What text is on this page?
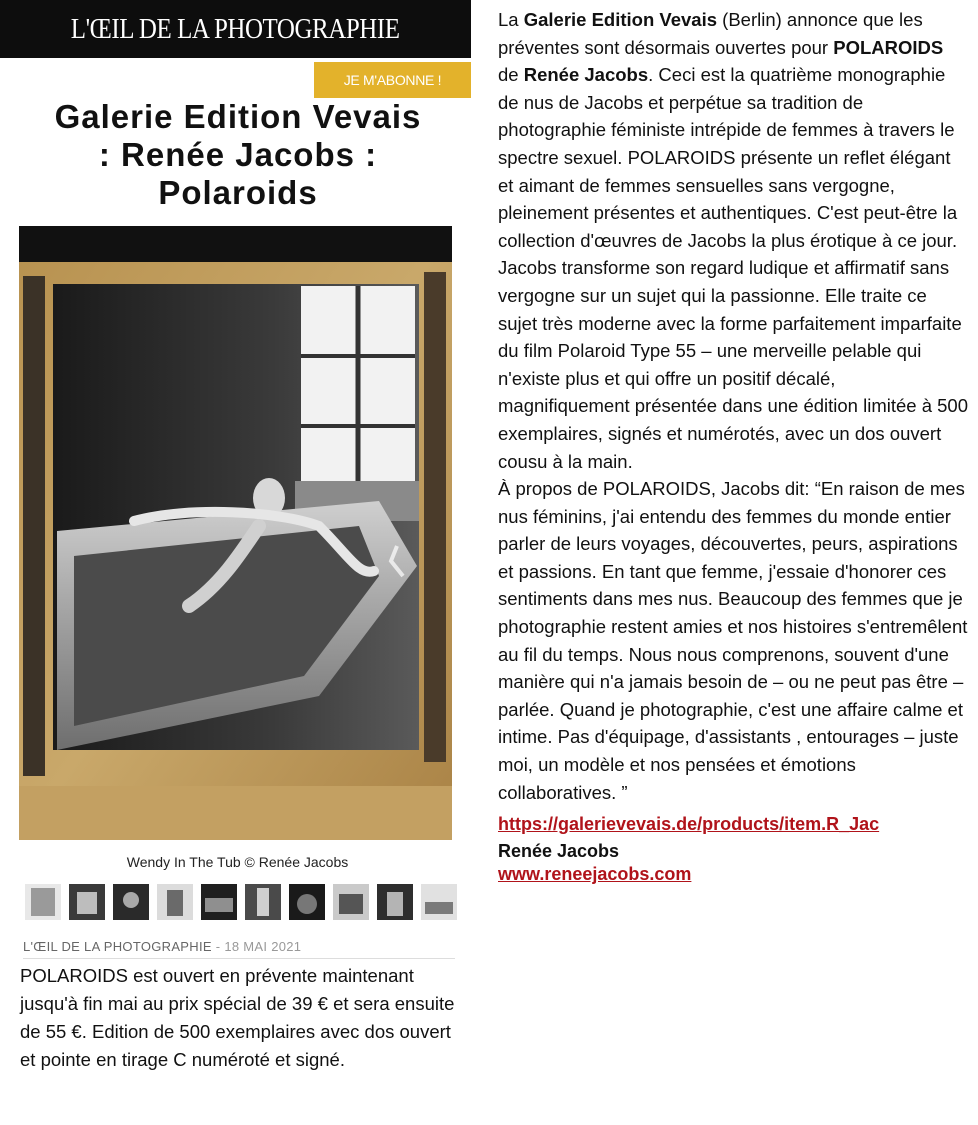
L'ŒIL DE LA PHOTOGRAPHIE
JE M'ABONNE !
Galerie Edition Vevais
: Renée Jacobs :
Polaroids
Wendy In The Tub © Renée Jacobs
L'ŒIL DE LA PHOTOGRAPHIE - 18 MAI 2021
POLAROIDS est ouvert en prévente maintenant jusqu'à fin mai au prix spécial de 39 € et sera ensuite de 55 €. Edition de 500 exemplaires avec dos ouvert et pointe en tirage C numéroté et signé.

La Galerie Edition Vevais (Berlin) annonce que les préventes sont désormais ouvertes pour POLAROIDS de Renée Jacobs. Ceci est la quatrième monographie de nus de Jacobs et perpétue sa tradition de photographie féministe intrépide de femmes à travers le spectre sexuel. POLAROIDS présente un reflet élégant et aimant de femmes sensuelles sans vergogne, pleinement présentes et authentiques. C'est peut-être la collection d'œuvres de Jacobs la plus érotique à ce jour. Jacobs transforme son regard ludique et affirmatif sans vergogne sur un sujet qui la passionne. Elle traite ce sujet très moderne avec la forme parfaitement imparfaite du film Polaroid Type 55 – une merveille pelable qui n'existe plus et qui offre un positif décalé, magnifiquement présentée dans une édition limitée à 500 exemplaires, signés et numérotés, avec un dos ouvert cousu à la main.

À propos de POLAROIDS, Jacobs dit: “En raison de mes nus féminins, j'ai entendu des femmes du monde entier parler de leurs voyages, découvertes, peurs, aspirations et passions. En tant que femme, j'essaie d'honorer ces sentiments dans mes nus. Beaucoup des femmes que je photographie restent amies et nos histoires s'entremêlent au fil du temps. Nous nous comprenons, souvent d'une manière qui n'a jamais besoin de – ou ne peut pas être – parlée. Quand je photographie, c'est une affaire calme et intime. Pas d'équipage, d'assistants , entourages – juste moi, un modèle et nos pensées et émotions collaboratives. ”

https://galerievevais.de/products/item.R_Jac
Renée Jacobs
www.reneejacobs.com
